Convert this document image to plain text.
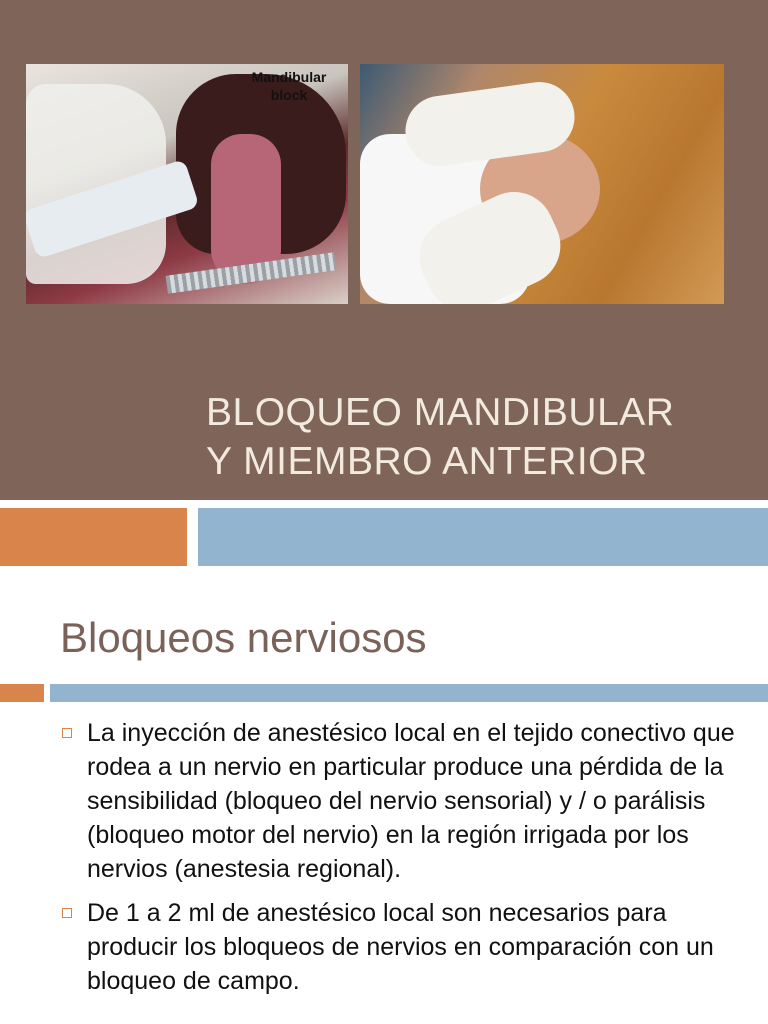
Mandibular
block
BLOQUEO MANDIBULAR
Y MIEMBRO ANTERIOR
Bloqueos nerviosos
La inyección de anestésico local en el tejido conectivo que rodea a un nervio en particular produce una pérdida de la sensibilidad (bloqueo del nervio sensorial) y / o parálisis (bloqueo motor del nervio) en la región irrigada por los nervios (anestesia regional).
De 1 a 2 ml de anestésico local son necesarios para producir los bloqueos de nervios en comparación con un bloqueo de campo.
